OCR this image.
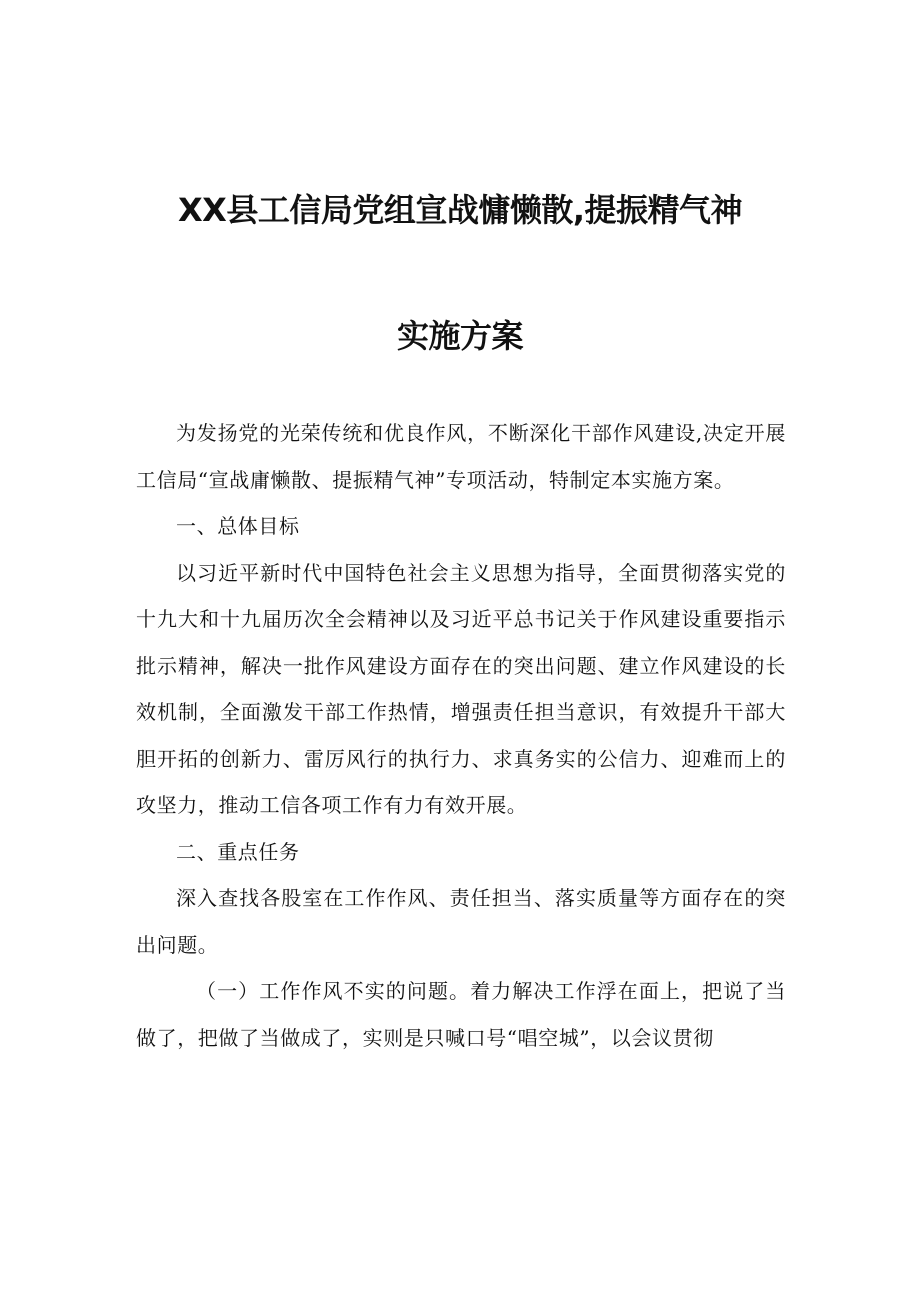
XX县工信局党组宣战慵懒散,提振精气神
实施方案

为发扬党的光荣传统和优良作风，不断深化干部作风建设,决定开展工信局“宣战庸懒散、提振精气神”专项活动，特制定本实施方案。

一、总体目标

以习近平新时代中国特色社会主义思想为指导，全面贯彻落实党的十九大和十九届历次全会精神以及习近平总书记关于作风建设重要指示批示精神，解决一批作风建设方面存在的突出问题、建立作风建设的长效机制，全面激发干部工作热情，增强责任担当意识，有效提升干部大胆开拓的创新力、雷厉风行的执行力、求真务实的公信力、迎难而上的攻坚力，推动工信各项工作有力有效开展。

二、重点任务

深入查找各股室在工作作风、责任担当、落实质量等方面存在的突出问题。

（一）工作作风不实的问题。着力解决工作浮在面上，把说了当做了，把做了当做成了，实则是只喊口号“唱空城”，以会议贯彻
